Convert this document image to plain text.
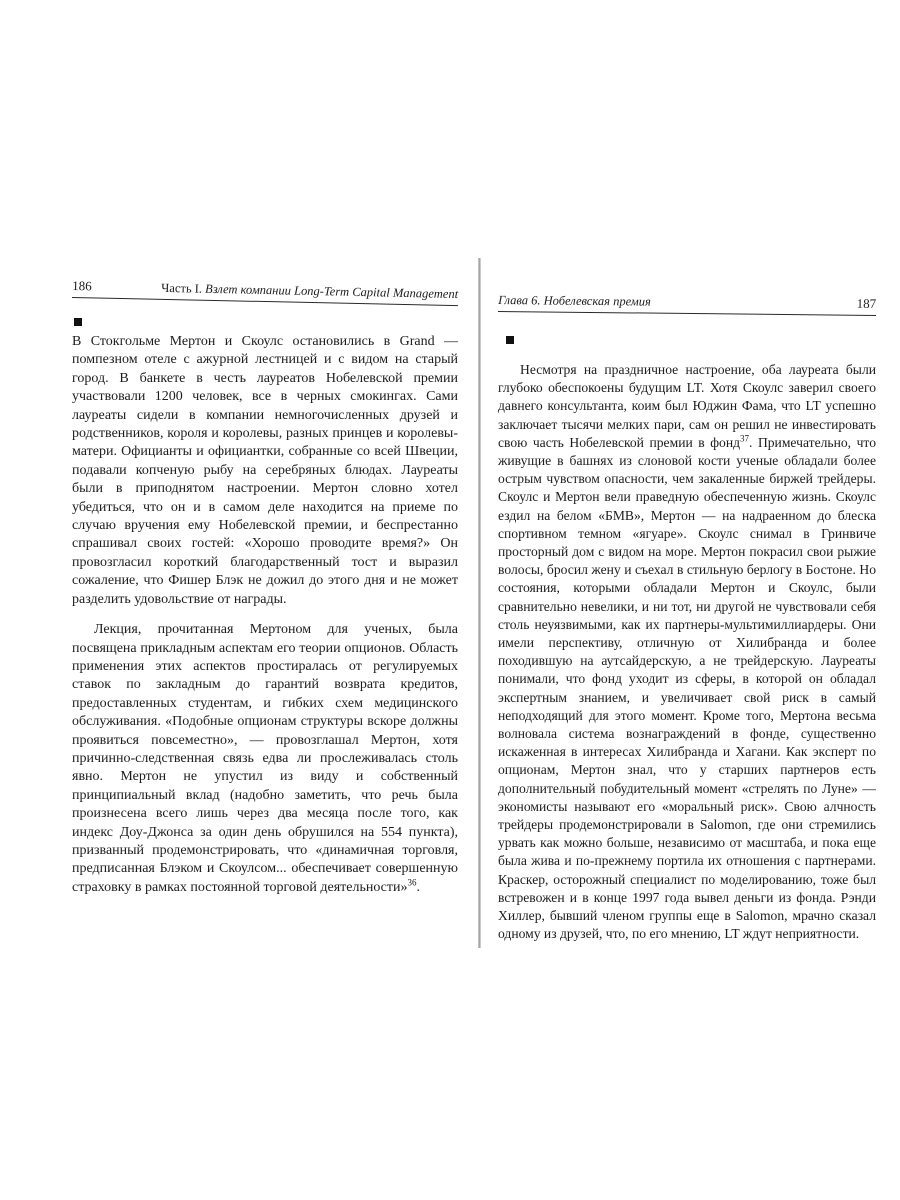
186	Часть I. Взлет компании Long-Term Capital Management

В Стокгольме Мертон и Скоулс остановились в Grand — помпезном отеле с ажурной лестницей и с видом на старый город. В банкете в честь лауреатов Нобелевской премии участвовали 1200 человек, все в черных смокингах. Сами лауреаты сидели в компании немногочисленных друзей и родственников, короля и королевы, разных принцев и королевы-матери. Официанты и официантки, собранные со всей Швеции, подавали копченую рыбу на серебряных блюдах. Лауреаты были в приподнятом настроении. Мертон словно хотел убедиться, что он и в самом деле находится на приеме по случаю вручения ему Нобелевской премии, и беспрестанно спрашивал своих гостей: «Хорошо проводите время?» Он провозгласил короткий благодарственный тост и выразил сожаление, что Фишер Блэк не дожил до этого дня и не может разделить удовольствие от награды.

Лекция, прочитанная Мертоном для ученых, была посвящена прикладным аспектам его теории опционов. Область применения этих аспектов простиралась от регулируемых ставок по закладным до гарантий возврата кредитов, предоставленных студентам, и гибких схем медицинского обслуживания. «Подобные опционам структуры вскоре должны проявиться повсеместно», — провозглашал Мертон, хотя причинно-следственная связь едва ли прослеживалась столь явно. Мертон не упустил из виду и собственный принципиальный вклад (надобно заметить, что речь была произнесена всего лишь через два месяца после того, как индекс Доу-Джонса за один день обрушился на 554 пункта), призванный продемонстрировать, что «динамичная торговля, предписанная Блэком и Скоулсом... обеспечивает совершенную страховку в рамках постоянной торговой деятельности»$^{36}$.

Глава 6. Нобелевская премия	187

Несмотря на праздничное настроение, оба лауреата были глубоко обеспокоены будущим LT. Хотя Скоулс заверил своего давнего консультанта, коим был Юджин Фама, что LT успешно заключает тысячи мелких пари, сам он решил не инвестировать свою часть Нобелевской премии в фонд$^{37}$. Примечательно, что живущие в башнях из слоновой кости ученые обладали более острым чувством опасности, чем закаленные биржей трейдеры. Скоулс и Мертон вели праведную обеспеченную жизнь. Скоулс ездил на белом «БМВ», Мертон — на надраенном до блеска спортивном темном «ягуаре». Скоулс снимал в Гринвиче просторный дом с видом на море. Мертон покрасил свои рыжие волосы, бросил жену и съехал в стильную берлогу в Бостоне. Но состояния, которыми обладали Мертон и Скоулс, были сравнительно невелики, и ни тот, ни другой не чувствовали себя столь неуязвимыми, как их партнеры-мультимиллиардеры. Они имели перспективу, отличную от Хилибранда и более походившую на аутсайдерскую, а не трейдерскую. Лауреаты понимали, что фонд уходит из сферы, в которой он обладал экспертным знанием, и увеличивает свой риск в самый неподходящий для этого момент. Кроме того, Мертона весьма волновала система вознаграждений в фонде, существенно искаженная в интересах Хилибранда и Хагани. Как эксперт по опционам, Мертон знал, что у старших партнеров есть дополнительный побудительный момент «стрелять по Луне» — экономисты называют его «моральный риск». Свою алчность трейдеры продемонстрировали в Salomon, где они стремились урвать как можно больше, независимо от масштаба, и пока еще была жива и по-прежнему портила их отношения с партнерами. Краскер, осторожный специалист по моделированию, тоже был встревожен и в конце 1997 года вывел деньги из фонда. Рэнди Хиллер, бывший членом группы еще в Salomon, мрачно сказал одному из друзей, что, по его мнению, LT ждут неприятности.
